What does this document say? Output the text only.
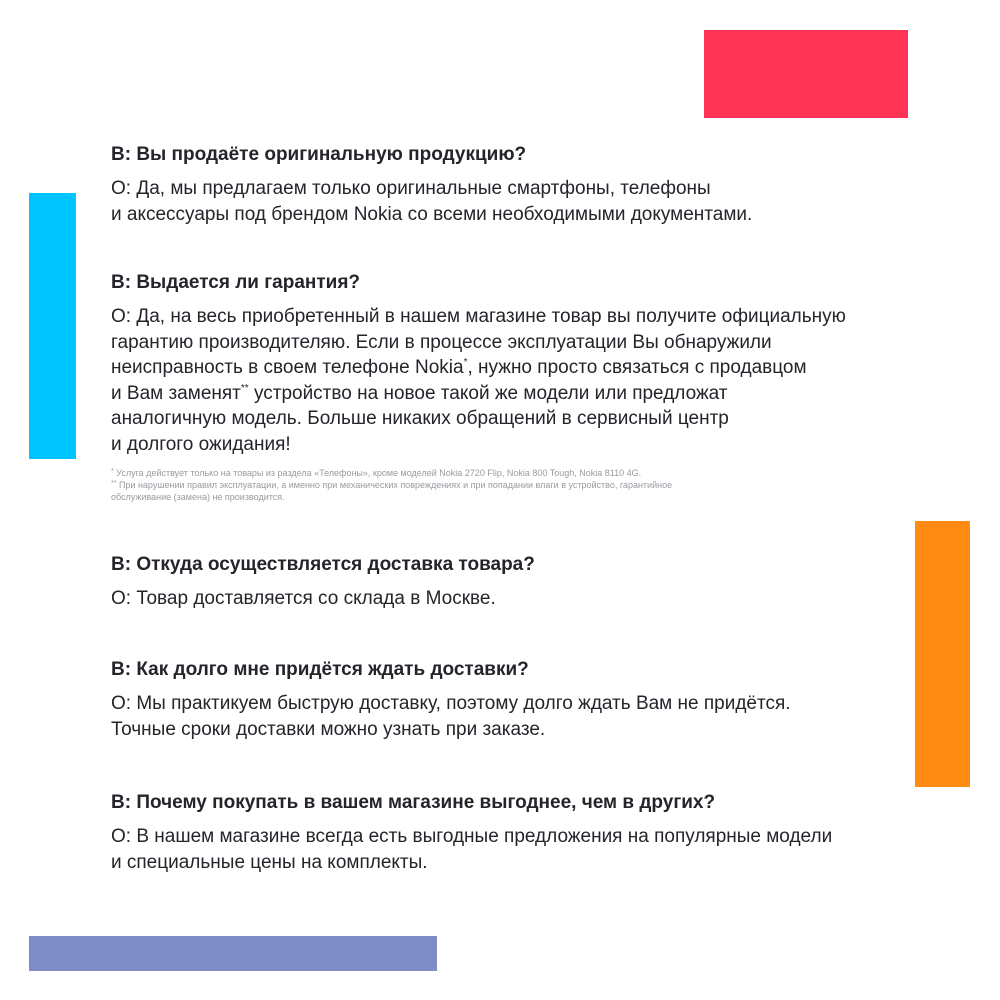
В: Вы продаёте оригинальную продукцию?

О: Да, мы предлагаем только оригинальные смартфоны, телефоны
и аксессуары под брендом Nokia со всеми необходимыми документами.

В: Выдается ли гарантия?

О: Да, на весь приобретенный в нашем магазине товар вы получите официальную
гарантию производителяю. Если в процессе эксплуатации Вы обнаружили
неисправность в своем телефоне Nokia*, нужно просто связаться с продавцом
и Вам заменят** устройство на новое такой же модели или предложат
аналогичную модель. Больше никаких обращений в сервисный центр
и долгого ожидания!

* Услуга действует только на товары из раздела «Телефоны», кроме моделей Nokia 2720 Flip, Nokia 800 Tough, Nokia 8110 4G.
** При нарушении правил эксплуатации, а именно при механических повреждениях и при попадании влаги в устройство, гарантийное
обслуживание (замена) не производится.

В: Откуда осуществляется доставка товара?

О: Товар доставляется со склада в Москве.

В: Как долго мне придётся ждать доставки?

О: Мы практикуем быструю доставку, поэтому долго ждать Вам не придётся.
Точные сроки доставки можно узнать при заказе.

В: Почему покупать в вашем магазине выгоднее, чем в других?

О: В нашем магазине всегда есть выгодные предложения на популярные модели
и специальные цены на комплекты.
